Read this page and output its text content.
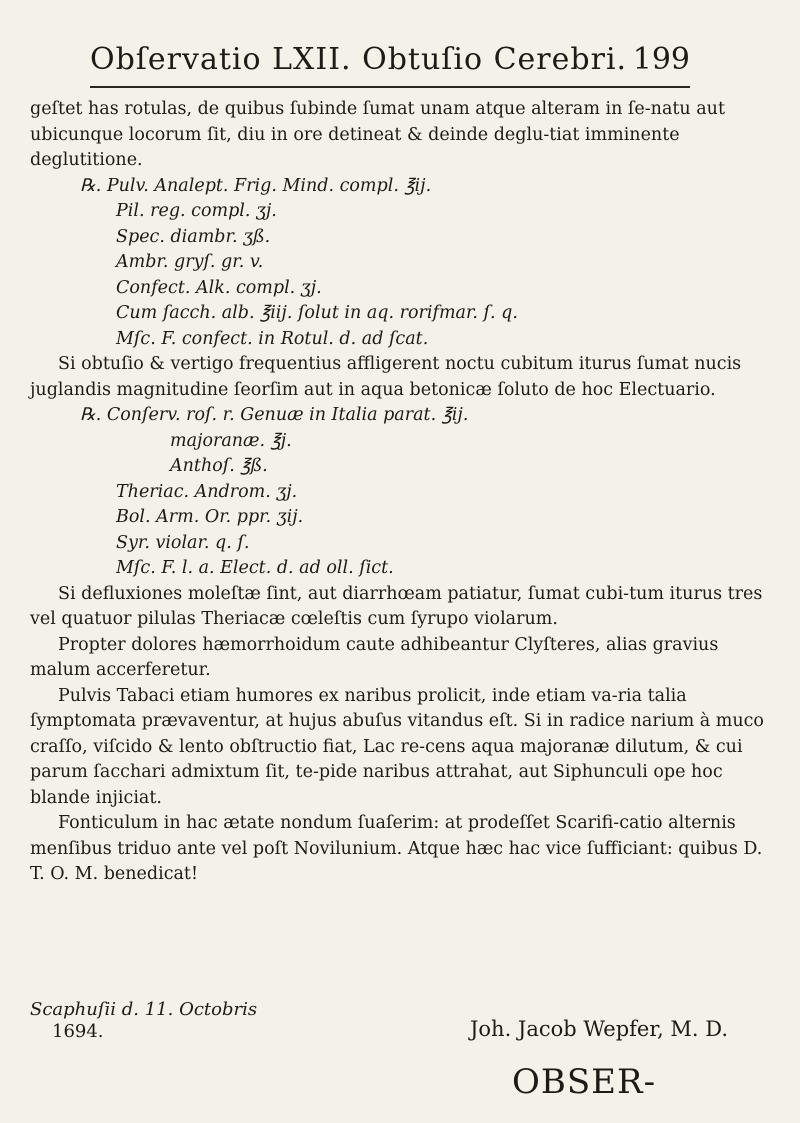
Obſervatio LXII. Obtuſio Cerebri. 199

geſtet has rotulas, de quibus ſubinde ſumat unam atque alteram in ſe-natu aut ubicunque locorum ſit, diu in ore detineat & deinde deglu-tiat imminente deglutitione.

℞. Pulv. Analept. Frig. Mind. compl. ℥ij.
Pil. reg. compl. ʒj.
Spec. diambr. ʒß.
Ambr. gryſ. gr. v.
Confect. Alk. compl. ʒj.
Cum ſacch. alb. ℥iij. ſolut in aq. rorifmar. ſ. q.
Mſc. F. confect. in Rotul. d. ad ſcat.

Si obtuſio & vertigo frequentius affligerent noctu cubitum iturus ſumat nucis juglandis magnitudine ſeorſim aut in aqua betonicæ ſoluto de hoc Electuario.

℞. Conſerv. roſ. r. Genuæ in Italia parat. ℥ij.
majoranæ. ℥j.
Anthoſ. ℥ß.
Theriac. Androm. ʒj.
Bol. Arm. Or. ppr. ʒij.
Syr. violar. q. ſ.
Mſc. F. l. a. Elect. d. ad oll. ſict.

Si defluxiones moleſtæ ſint, aut diarrhœam patiatur, ſumat cubi-tum iturus tres vel quatuor pilulas Theriacæ cœleſtis cum ſyrupo violarum.

Propter dolores hæmorrhoidum caute adhibeantur Clyſteres, alias gravius malum accerferetur.

Pulvis Tabaci etiam humores ex naribus prolicit, inde etiam va-ria talia ſymptomata prævaventur, at hujus abuſus vitandus eſt. Si in radice narium à muco craſſo, viſcido & lento obſtructio fiat, Lac re-cens aqua majoranæ dilutum, & cui parum ſacchari admixtum ſit, te-pide naribus attrahat, aut Siphunculi ope hoc blande injiciat.

Fonticulum in hac ætate nondum ſuaſerim: at prodeſſet Scarifi-catio alternis menſibus triduo ante vel poſt Novilunium. Atque hæc hac vice ſufficiant: quibus D. T. O. M. benedicat!

Scaphuſii d. 11. Octobris
1694.	Joh. Jacob Wepfer, M. D.
OBSER-
